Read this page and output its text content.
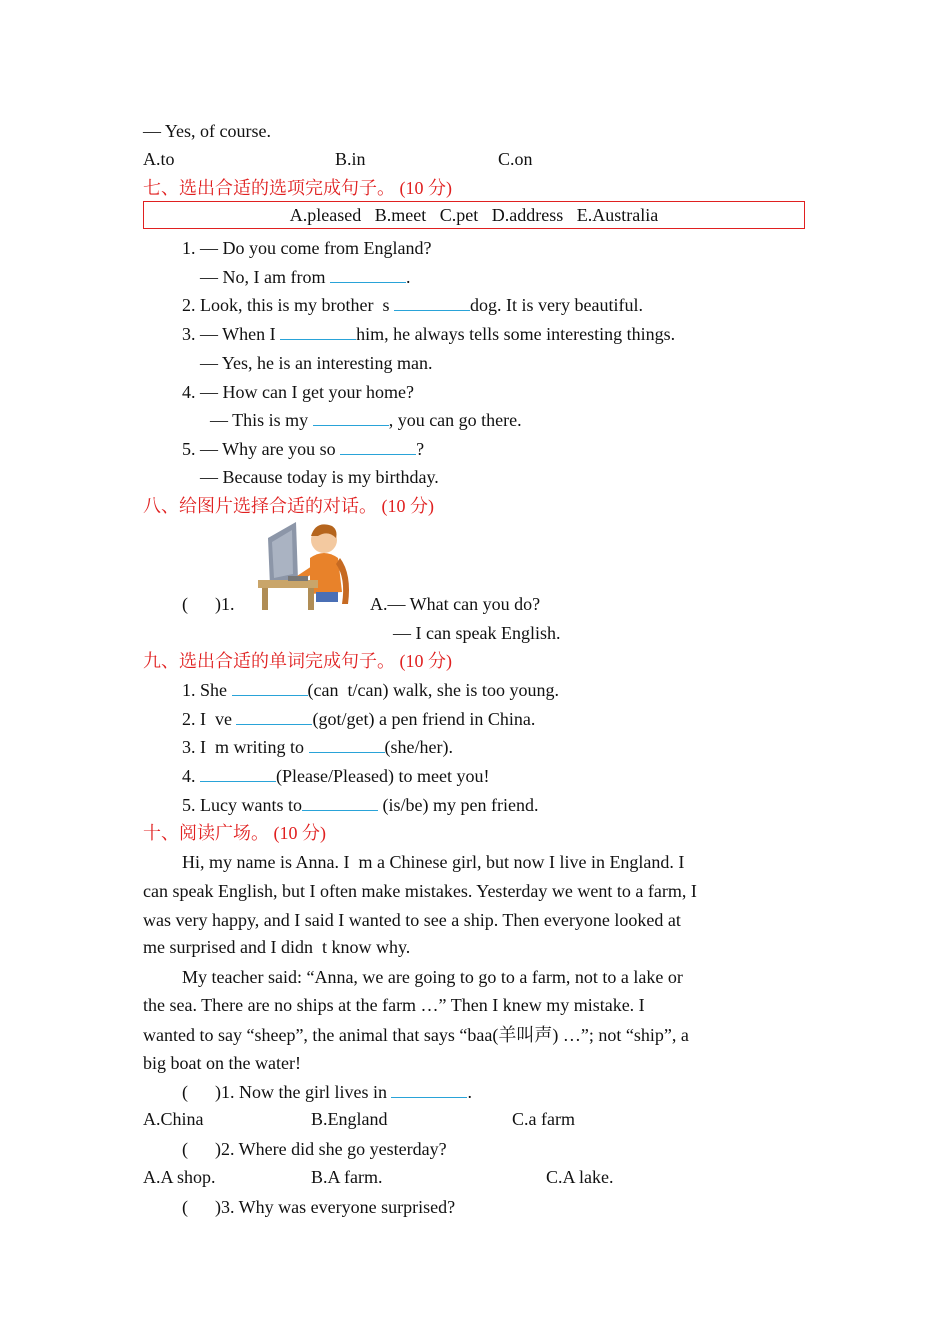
— Yes, of course.
A.to	B.in	C.on
七、选出合适的选项完成句子。 (10 分)
A.pleased   B.meet   C.pet   D.address   E.Australia
1. — Do you come from England?
— No, I am from	.
2. Look, this is my brother  s	dog. It is very beautiful.
3. — When I	him, he always tells some interesting things.
— Yes, he is an interesting man.
4. — How can I get your home?
— This is my	, you can go there.
5. — Why are you so	?
— Because today is my birthday.
八、给图片选择合适的对话。 (10 分)
(      )1.	A.— What can you do?
— I can speak English.
九、选出合适的单词完成句子。 (10 分)
1. She	(can  t/can) walk, she is too young.
2. I  ve	(got/get) a pen friend in China.
3. I  m writing to	(she/her).
4.	(Please/Pleased) to meet you!
5. Lucy wants to	(is/be) my pen friend.
十、阅读广场。 (10 分)
Hi, my name is Anna. I  m a Chinese girl, but now I live in England. I
can speak English, but I often make mistakes. Yesterday we went to a farm, I
was very happy, and I said I wanted to see a ship. Then everyone looked at
me surprised and I didn  t know why.
My teacher said: “Anna, we are going to go to a farm, not to a lake or
the sea. There are no ships at the farm …” Then I knew my mistake. I
wanted to say “sheep”, the animal that says “baa(羊叫声) …”; not “ship”, a
big boat on the water!
(      )1. Now the girl lives in	.
A.China	B.England	C.a farm
(      )2. Where did she go yesterday?
A.A shop.	B.A farm.	C.A lake.
(      )3. Why was everyone surprised?
